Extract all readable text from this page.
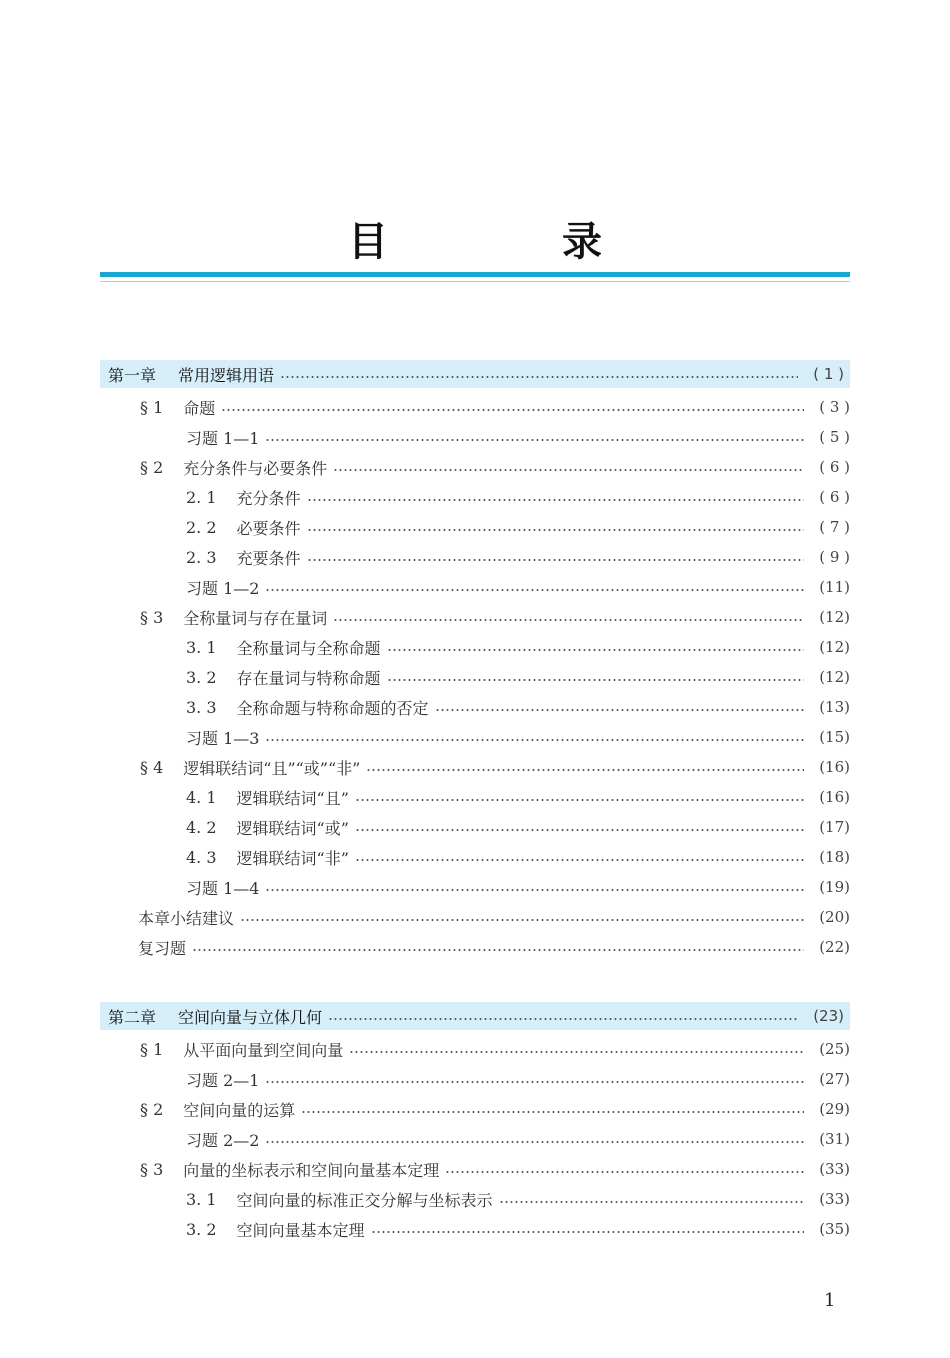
目 录
第一章 常用逻辑用语	( 1 )
§ 1 命题	( 3 )
习题 1—1	( 5 )
§ 2 充分条件与必要条件	( 6 )
2. 1 充分条件	( 6 )
2. 2 必要条件	( 7 )
2. 3 充要条件	( 9 )
习题 1—2	(11)
§ 3 全称量词与存在量词	(12)
3. 1 全称量词与全称命题	(12)
3. 2 存在量词与特称命题	(12)
3. 3 全称命题与特称命题的否定	(13)
习题 1—3	(15)
§ 4 逻辑联结词“且”“或”“非”	(16)
4. 1 逻辑联结词“且”	(16)
4. 2 逻辑联结词“或”	(17)
4. 3 逻辑联结词“非”	(18)
习题 1—4	(19)
本章小结建议	(20)
复习题	(22)
第二章 空间向量与立体几何	(23)
§ 1 从平面向量到空间向量	(25)
习题 2—1	(27)
§ 2 空间向量的运算	(29)
习题 2—2	(31)
§ 3 向量的坐标表示和空间向量基本定理	(33)
3. 1 空间向量的标准正交分解与坐标表示	(33)
3. 2 空间向量基本定理	(35)
1
